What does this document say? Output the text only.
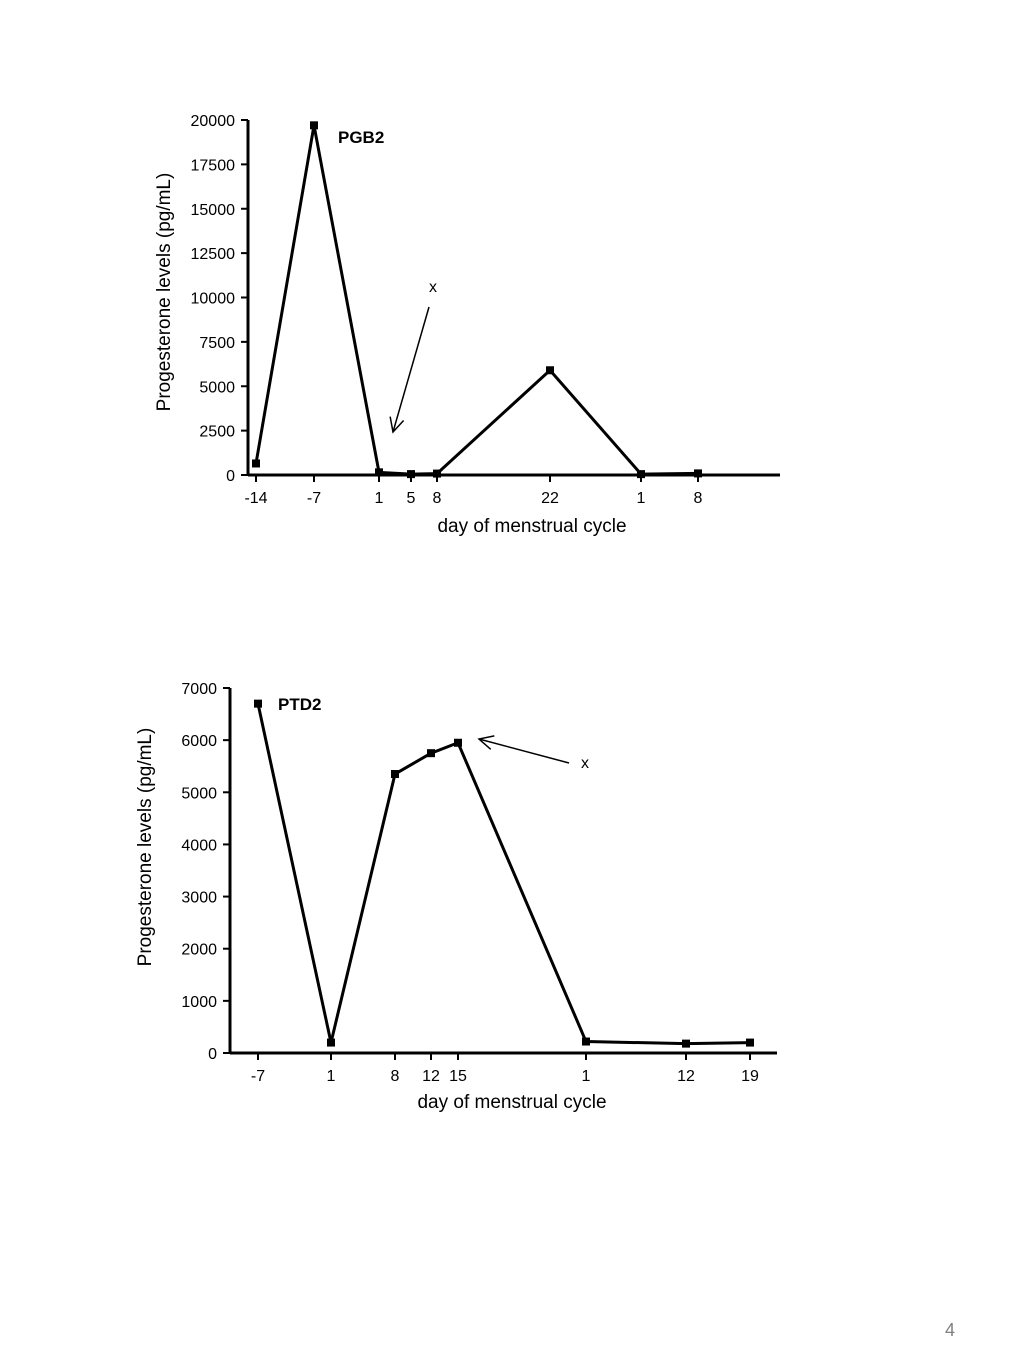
0
2500
5000
7500
10000
12500
15000
17500
20000
-14 -7	1 5 8	22	1	8
Progesterone levels (pg/mL)
day of menstrual cycle
PGB2
x
0
1000
2000
3000
4000
5000
6000
7000
-7	1	8 12 15	1	12	19
Progesterone levels (pg/mL)
day of menstrual cycle
PTD2
x
4
